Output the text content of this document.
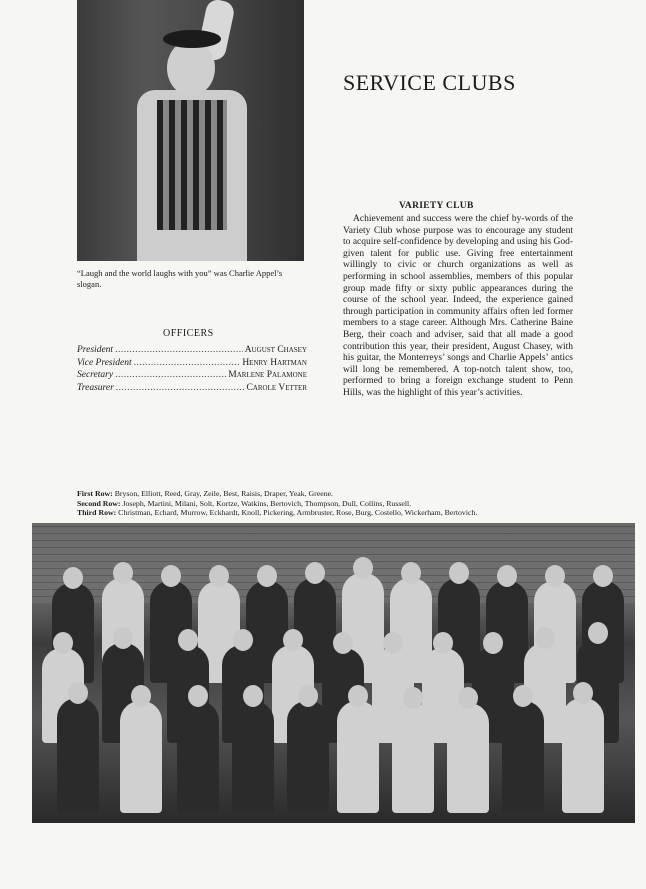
“Laugh and the world laughs with you” was Charlie Appel’s slogan.
SERVICE CLUBS
VARIETY CLUB
Achievement and success were the chief by-words of the Variety Club whose purpose was to encourage any student to acquire self-confidence by developing and using his God-given talent for public use. Giving free entertainment willingly to civic or church organizations as well as performing in school assemblies, members of this popular group made fifty or sixty public appearances during the course of the school year. Indeed, the experience gained through participation in community affairs often led former members to a stage career. Although Mrs. Catherine Baine Berg, their coach and adviser, said that all made a good contribution this year, their president, August Chasey, with his guitar, the Monterreys’ songs and Charlie Appels’ antics will long be remembered. A top-notch talent show, too, performed to bring a foreign exchange student to Penn Hills, was the highlight of this year’s activities.
OFFICERS
President .....	August Chasey
Vice President .....	Henry Hartman
Secretary .....	Marlene Palamone
Treasurer .....	Carole Vetter
First Row: Bryson, Elliott, Reed, Gray, Zeile, Best, Raisis, Draper, Yeak, Greene.
Second Row: Joseph, Martini, Milani, Solt, Kortze, Watkins, Bertovich, Thompson, Dull, Collins, Russell.
Third Row: Christman, Echard, Murrow, Eckhardt, Knoll, Pickering, Armbruster, Rose, Burg, Costello, Wickerham, Bertovich.
